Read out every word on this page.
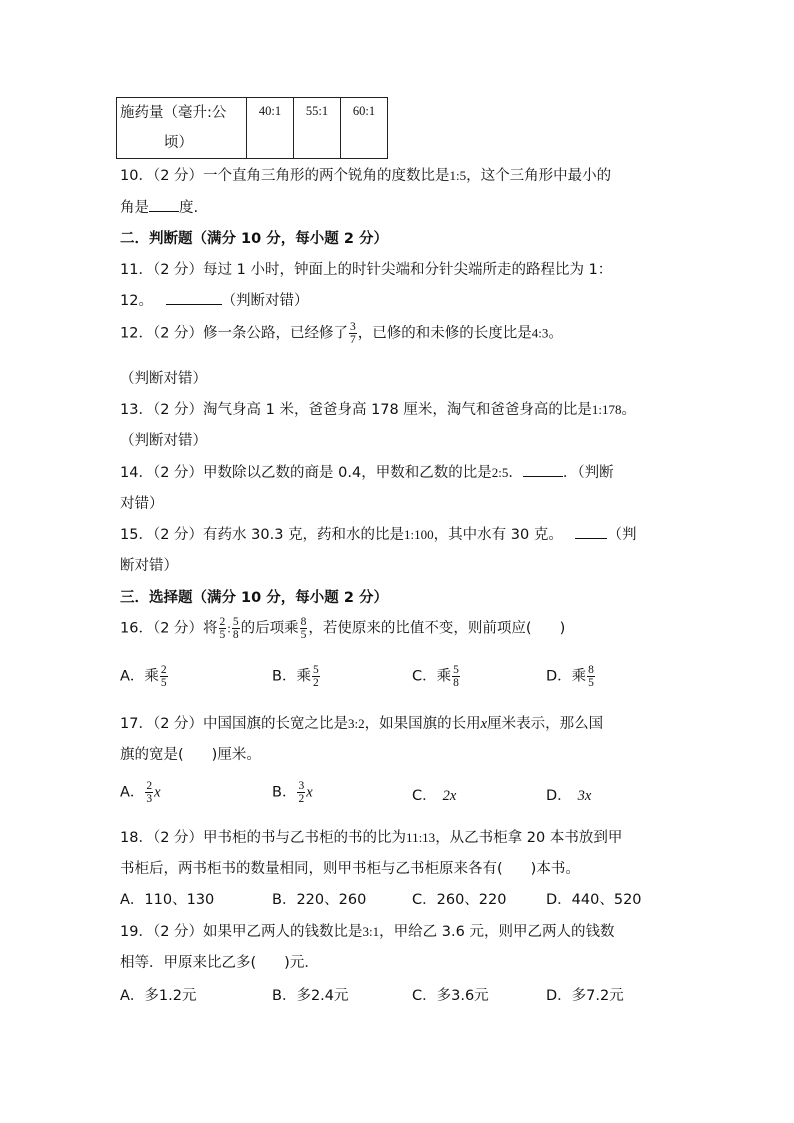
施药量（毫升:公
顷）
	40:1	55:1	60:1
10．（2 分）一个直角三角形的两个锐角的度数比是1:5，这个三角形中最小的
角是 度.
二．判断题（满分 10 分，每小题 2 分）
11．（2 分）每过 1 小时，钟面上的时针尖端和分针尖端所走的路程比为 1：
12。	（判断对错）
12．（2 分）修一条公路，已经修了 $\frac{3}{7}$ ，已修的和未修的长度比是4:3。
（判断对错）
13．（2 分）淘气身高 1 米，爸爸身高 178 厘米，淘气和爸爸身高的比是1:178。
（判断对错）
14．（2 分）甲数除以乙数的商是 0.4，甲数和乙数的比是2:5．	．（判断
对错）
15．（2 分）有药水 30.3 克，药和水的比是1:100，其中水有 30 克。	（判
断对错）
三．选择题（满分 10 分，每小题 2 分）
16．（2 分）将 $\frac{2}{5}$ : $\frac{5}{8}$ 的后项乘 $\frac{8}{5}$ ，若使原来的比值不变，则前项应( )
A．乘 $\frac{2}{5}$	B．乘 $\frac{5}{2}$	C．乘 $\frac{5}{8}$	D．乘 $\frac{8}{5}$
17．（2 分）中国国旗的长宽之比是3:2，如果国旗的长用x厘米表示，那么国
旗的宽是( )厘米。
A． $\frac{2}{3}$ x	B． $\frac{3}{2}$ x	C． 2x	D． 3x
18．（2 分）甲书柜的书与乙书柜的书的比为11:13，从乙书柜拿 20 本书放到甲
书柜后，两书柜书的数量相同，则甲书柜与乙书柜原来各有( )本书。
A．110、130	B．220、260	C．260、220	D．440、520
19．（2 分）如果甲乙两人的钱数比是3:1，甲给乙 3.6 元，则甲乙两人的钱数
相等．甲原来比乙多( )元．
A．多1.2元	B．多2.4元	C．多3.6元	D．多7.2元
